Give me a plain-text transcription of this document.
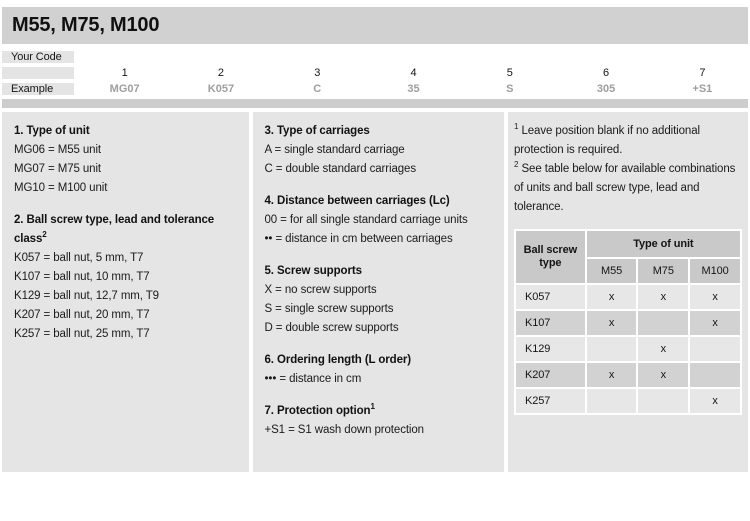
M55, M75, M100
Your Code
1	2	3	4	5	6	7
Example	MG07	K057	C	35	S	305	+S1
1. Type of unit

MG06 = M55 unit

MG07 = M75 unit

MG10 = M100 unit

2. Ball screw type, lead and tolerance class$^2$

K057 = ball nut, 5 mm, T7

K107 = ball nut, 10 mm, T7

K129 = ball nut, 12,7 mm, T9

K207 = ball nut, 20 mm, T7

K257 = ball nut, 25 mm, T7

3. Type of carriages

A = single standard carriage

C = double standard carriages

4. Distance between carriages (Lc)

00 = for all single standard carriage units

•• = distance in cm between carriages

5. Screw supports

X = no screw supports

S = single screw supports

D = double screw supports

6. Ordering length (L order)

••• = distance in cm

7. Protection option$^1$

+S1 = S1 wash down protection

$^1$ Leave position blank if no additional protection is required.

$^2$ See table below for available combinations of units and ball screw type, lead and tolerance.

Ball screw type	Type of unit		
	M55	M75	M100
K057	x	x	x
K107	x		x
K129		x	
K207	x	x	
K257			x
